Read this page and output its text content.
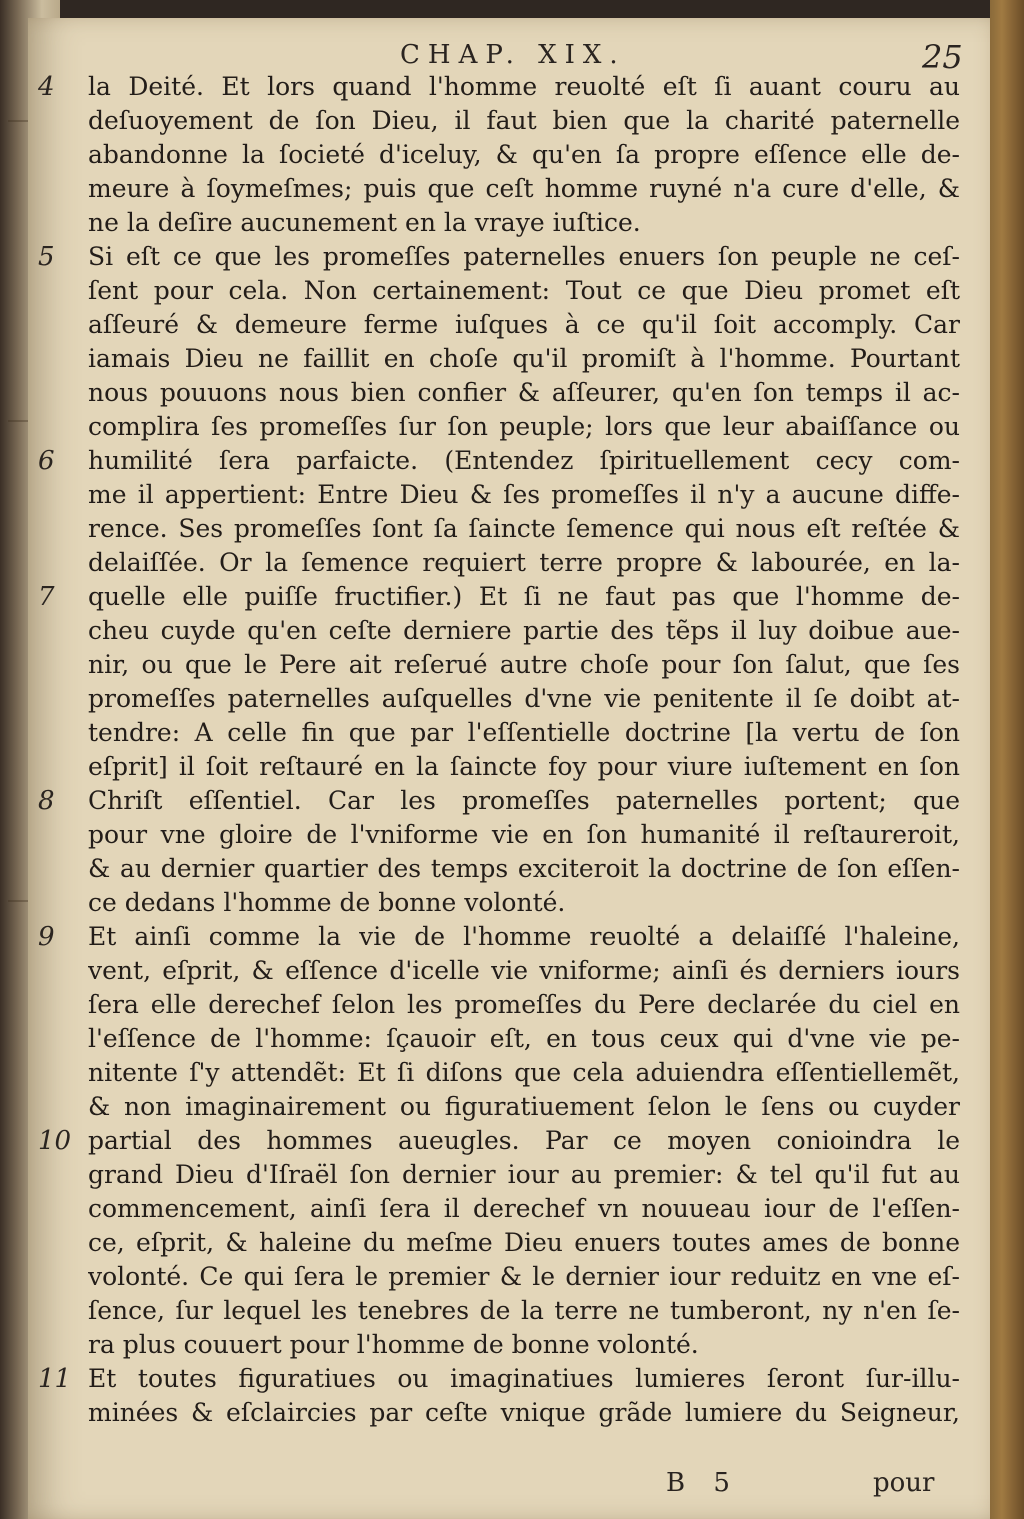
CHAP. XIX.	25
4	la Deité. Et lors quand l'homme reuolté eſt ſi auant couru au
deſuoyement de ſon Dieu, il faut bien que la charité paternelle
abandonne la ſocieté d'iceluy, & qu'en ſa propre eſſence elle de-
meure à ſoymeſmes; puis que ceſt homme ruyné n'a cure d'elle, &
ne la deſire aucunement en la vraye iuſtice.
5	Si eſt ce que les promeſſes paternelles enuers ſon peuple ne ceſ-
ſent pour cela. Non certainement: Tout ce que Dieu promet eſt
aſſeuré & demeure ferme iuſques à ce qu'il ſoit accomply. Car
iamais Dieu ne faillit en choſe qu'il promiſt à l'homme. Pourtant
nous pouuons nous bien confier & aſſeurer, qu'en ſon temps il ac-
complira ſes promeſſes ſur ſon peuple; lors que leur abaiſſance ou
6	humilité ſera parfaicte. (Entendez ſpirituellement cecy com-
me il appertient: Entre Dieu & ſes promeſſes il n'y a aucune diffe-
rence. Ses promeſſes ſont ſa ſaincte ſemence qui nous eſt reſtée &
delaiſſée. Or la ſemence requiert terre propre & labourée, en la-
7	quelle elle puiſſe fructifier.) Et ſi ne faut pas que l'homme de-
cheu cuyde qu'en ceſte derniere partie des tẽps il luy doibue aue-
nir, ou que le Pere ait reſerué autre choſe pour ſon ſalut, que ſes
promeſſes paternelles auſquelles d'vne vie penitente il ſe doibt at-
tendre: A celle fin que par l'eſſentielle doctrine [la vertu de ſon
eſprit] il ſoit reſtauré en la ſaincte foy pour viure iuſtement en ſon
8	Chriſt eſſentiel. Car les promeſſes paternelles portent; que
pour vne gloire de l'vniforme vie en ſon humanité il reſtaureroit,
& au dernier quartier des temps exciteroit la doctrine de ſon eſſen-
ce dedans l'homme de bonne volonté.
9	Et ainſi comme la vie de l'homme reuolté a delaiſſé l'haleine,
vent, eſprit, & eſſence d'icelle vie vniforme; ainſi és derniers iours
ſera elle derechef ſelon les promeſſes du Pere declarée du ciel en
l'eſſence de l'homme: ſçauoir eſt, en tous ceux qui d'vne vie pe-
nitente ſ'y attendẽt: Et ſi diſons que cela aduiendra eſſentiellemẽt,
& non imaginairement ou figuratiuement ſelon le ſens ou cuyder
10 partial des hommes aueugles. Par ce moyen conioindra le
grand Dieu d'Iſraël ſon dernier iour au premier: & tel qu'il fut au
commencement, ainſi ſera il derechef vn nouueau iour de l'eſſen-
ce, eſprit, & haleine du meſme Dieu enuers toutes ames de bonne
volonté. Ce qui ſera le premier & le dernier iour reduitz en vne eſ-
ſence, ſur lequel les tenebres de la terre ne tumberont, ny n'en ſe-
ra plus couuert pour l'homme de bonne volonté.
11 Et toutes figuratiues ou imaginatiues lumieres ſeront ſur-illu-
minées & eſclaircies par ceſte vnique grãde lumiere du Seigneur,
B 5	pour
